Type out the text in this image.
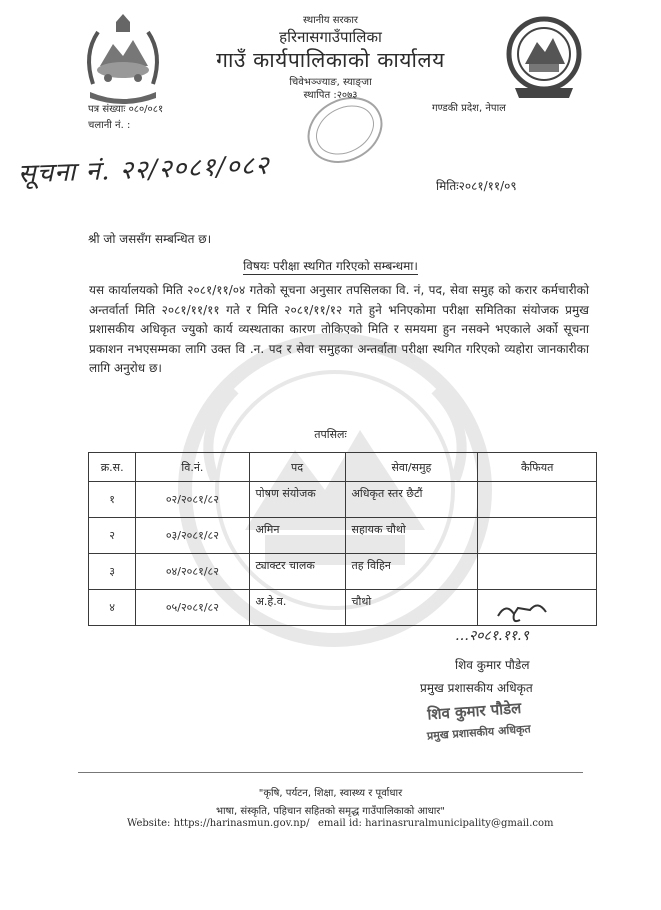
स्थानीय सरकार
हरिनासगाउँपालिका
गाउँ कार्यपालिकाको कार्यालय
चिवेभञ्ज्याङ, स्याङ्जा
स्थापित :२०७३
गण्डकी प्रदेश, नेपाल
पत्र संख्याः ०८०/०८१
चलानी नं. :
सूचना नं. २२/२०८१/०८२	मितिः२०८१/११/०९
श्री जो जससँग सम्बन्धित छ।
विषयः परीक्षा स्थगित गरिएको सम्बन्धमा।
यस कार्यालयको मिति २०८१/११/०४ गतेको सूचना अनुसार तपसिलका वि. नं, पद, सेवा समुह को करार कर्मचारीको अन्तर्वार्ता मिति २०८१/११/११ गते र मिति २०८१/११/१२ गते हुने भनिएकोमा परीक्षा समितिका संयोजक प्रमुख प्रशासकीय अधिकृत ज्युको कार्य व्यस्थताका कारण तोकिएको मिति र समयमा हुन नसक्ने भएकाले अर्को सूचना प्रकाशन नभएसम्मका लागि उक्त वि .न. पद र सेवा समुहका अन्तर्वाता परीक्षा स्थगित गरिएको व्यहोरा जानकारीका लागि अनुरोध छ।
तपसिलः
क्र.स.	वि.नं.	पद	सेवा/समुह	कैफियत
१	०२/२०८१/८२	पोषण संयोजक	अधिकृत स्तर छैटौं	
२	०३/२०८१/८२	अमिन	सहायक चौथो	
३	०४/२०८१/८२	ट्याक्टर चालक	तह विहिन	
४	०५/२०८१/८२	अ.हे.व.	चौथो	
…२०८१.११.९
शिव कुमार पौडेल
प्रमुख प्रशासकीय अधिकृत
शिव कुमार पौडेल
प्रमुख प्रशासकीय अधिकृत
"कृषि, पर्यटन, शिक्षा, स्वास्थ्य र पूर्वाधार
भाषा, संस्कृति, पहिचान सहितको समृद्ध गाउँपालिकाको आधार"
Website: https://harinasmun.gov.np/ email id: harinasruralmunicipality@gmail.com
